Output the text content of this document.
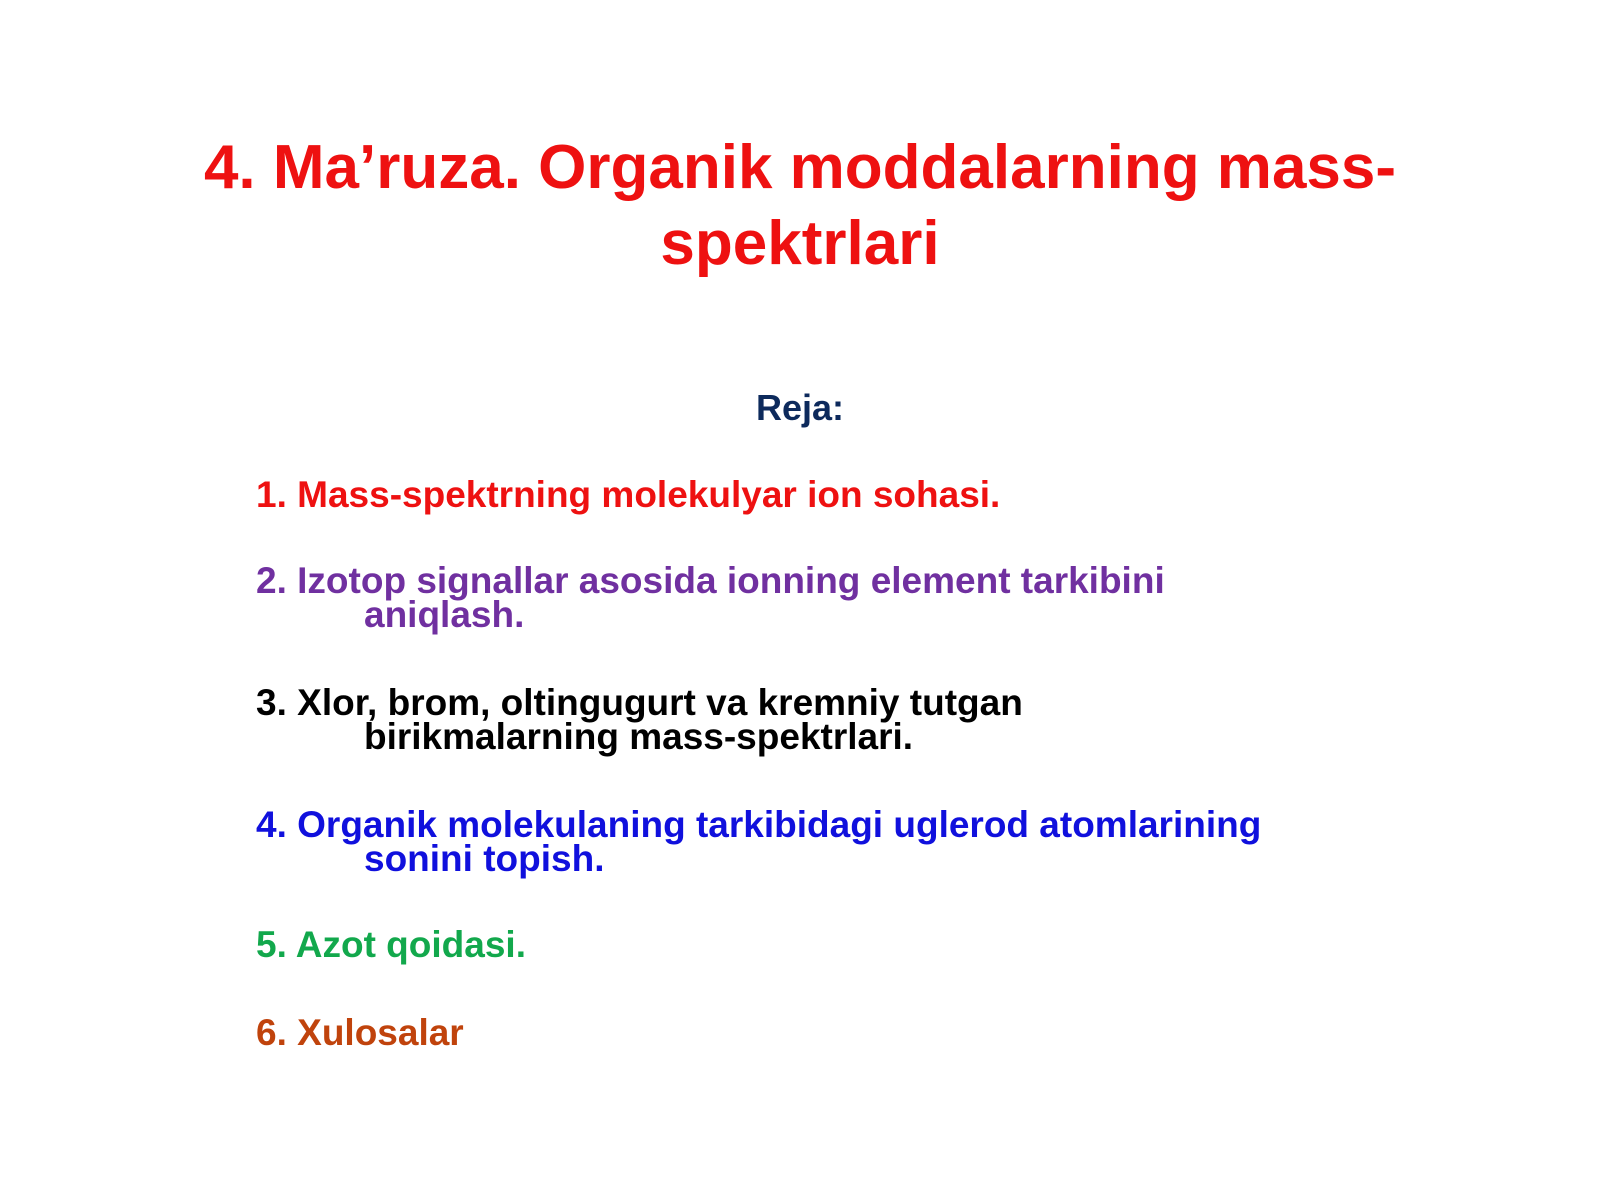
4. Ma’ruza. Organik moddalarning mass-
spektrlari
Reja:
1. Mass-spektrning molekulyar ion sohasi.
2. Izotop signallar asosida ionning element tarkibini
aniqlash.
3. Xlor, brom, oltingugurt va kremniy tutgan
birikmalarning mass-spektrlari.
4. Organik molekulaning tarkibidagi uglerod atomlarining
sonini topish.
5. Azot qoidasi.
6. Xulosalar
